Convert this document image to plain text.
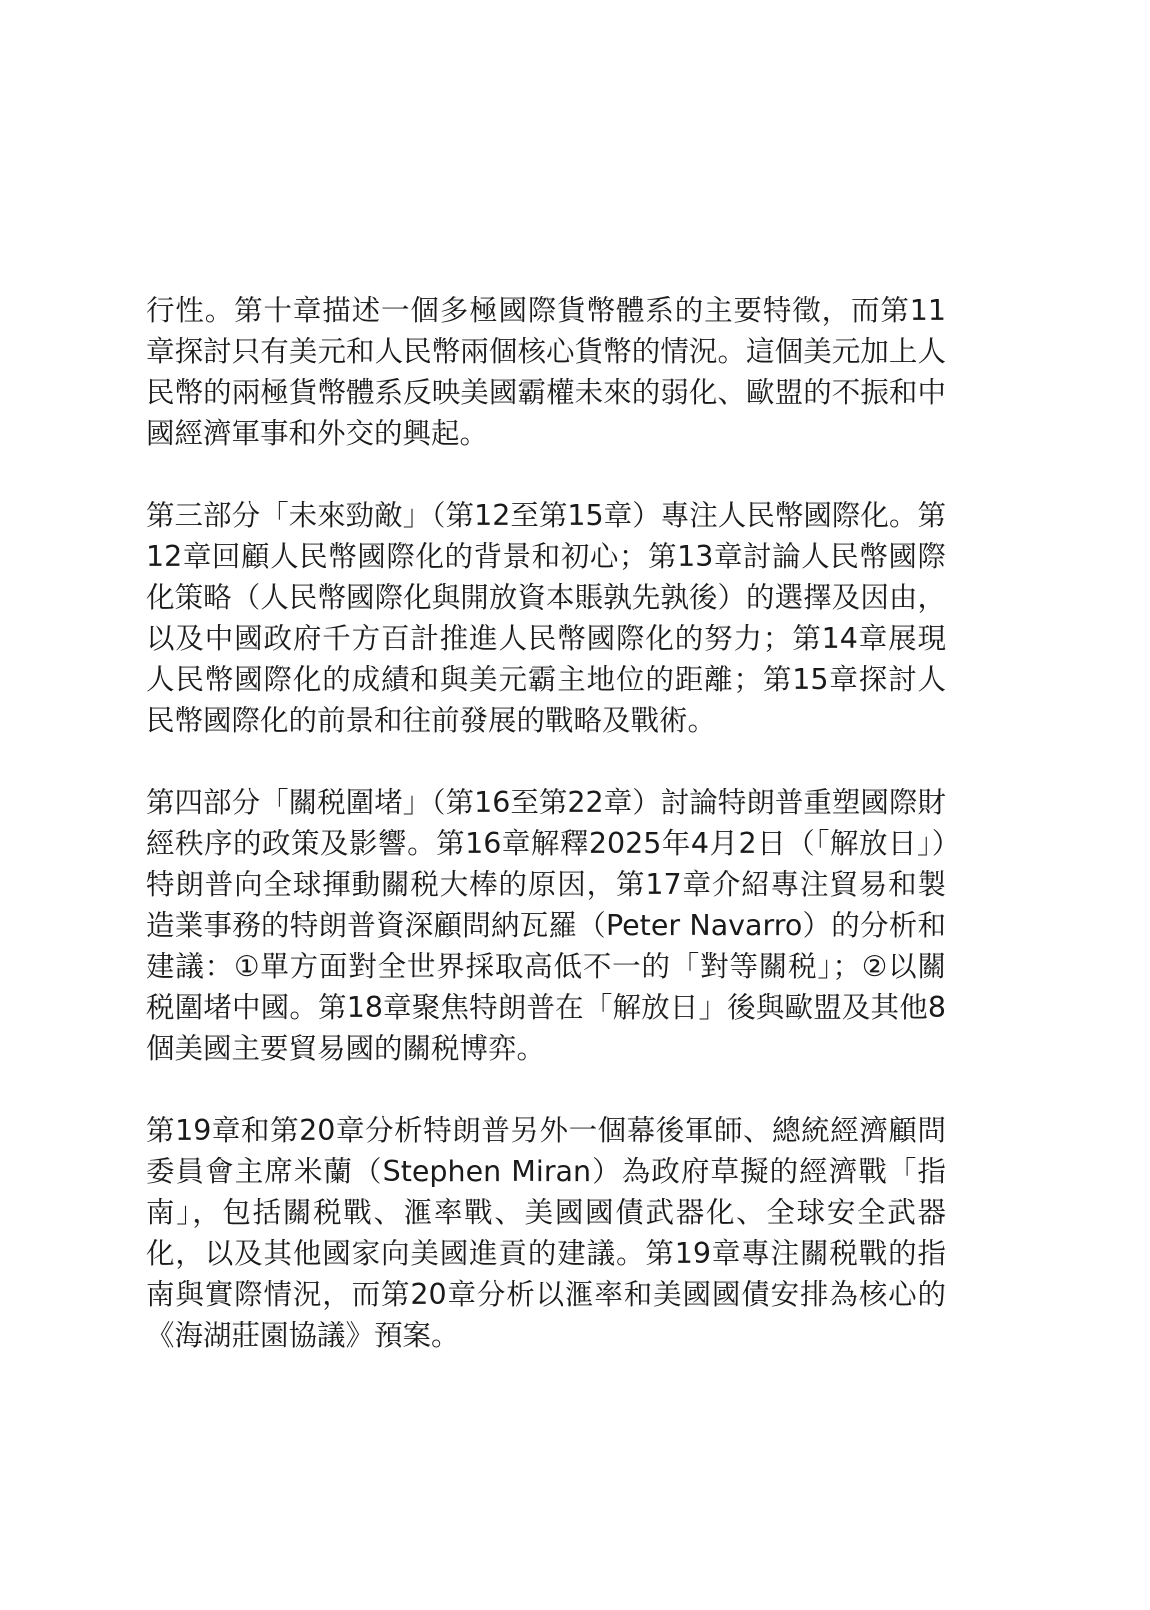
行性。第十章描述一個多極國際貨幣體系的主要特徵，而第11章探討只有美元和人民幣兩個核心貨幣的情況。這個美元加上人民幣的兩極貨幣體系反映美國霸權未來的弱化、歐盟的不振和中國經濟軍事和外交的興起。

第三部分「未來勁敵」（第12至第15章）專注人民幣國際化。第12章回顧人民幣國際化的背景和初心；第13章討論人民幣國際化策略（人民幣國際化與開放資本賬孰先孰後）的選擇及因由，以及中國政府千方百計推進人民幣國際化的努力；第14章展現人民幣國際化的成績和與美元霸主地位的距離；第15章探討人民幣國際化的前景和往前發展的戰略及戰術。

第四部分「關税圍堵」（第16至第22章）討論特朗普重塑國際財經秩序的政策及影響。第16章解釋2025年4月2日（「解放日」）特朗普向全球揮動關税大棒的原因，第17章介紹專注貿易和製造業事務的特朗普資深顧問納瓦羅（Peter Navarro）的分析和建議：①單方面對全世界採取高低不一的「對等關税」；②以關税圍堵中國。第18章聚焦特朗普在「解放日」後與歐盟及其他8個美國主要貿易國的關税博弈。

第19章和第20章分析特朗普另外一個幕後軍師、總統經濟顧問委員會主席米蘭（Stephen Miran）為政府草擬的經濟戰「指南」，包括關税戰、滙率戰、美國國債武器化、全球安全武器化，以及其他國家向美國進貢的建議。第19章專注關税戰的指南與實際情況，而第20章分析以滙率和美國國債安排為核心的《海湖莊園協議》預案。
